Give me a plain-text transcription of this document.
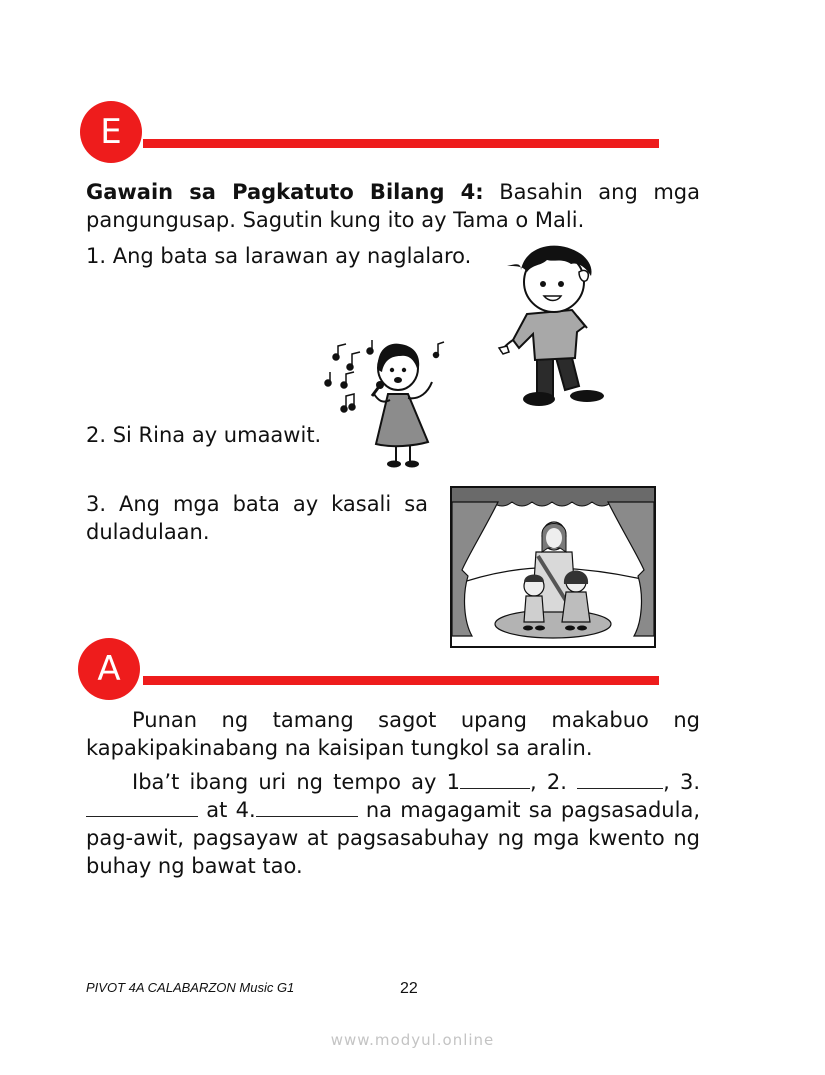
E
Gawain sa Pagkatuto Bilang 4: Basahin ang mga pangungusap. Sagutin kung ito ay Tama o Mali.
1. Ang bata sa larawan ay naglalaro.
2. Si Rina ay umaawit.
3. Ang mga bata ay kasali sa duladulaan.
A
Punan ng tamang sagot upang makabuo ng kapakipakinabang na kaisipan tungkol sa aralin.
Iba’t ibang uri ng tempo ay 1	, 2.	, 3.  at 4.	na magagamit sa pagsasadula, pag-awit, pagsayaw at pagsasabuhay ng mga kwento ng buhay ng bawat tao.
PIVOT 4A CALABARZON Music G1	22
www.modyul.online
